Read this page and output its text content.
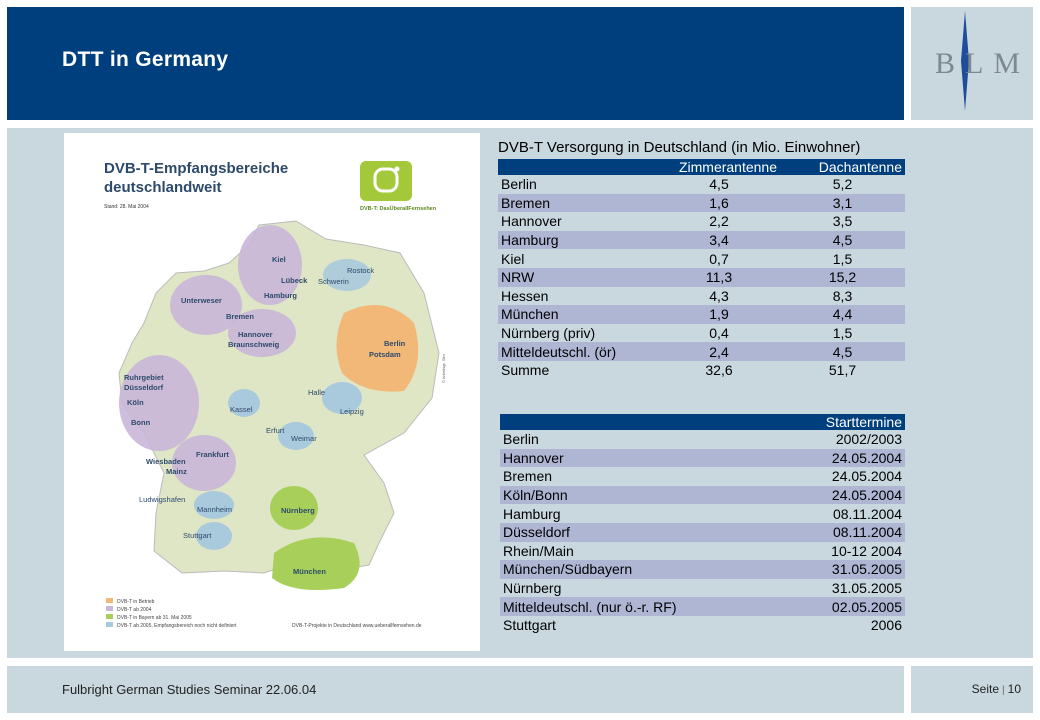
DTT in Germany	BLM
DVB-T-Empfangsbereiche
deutschlandweit
Stand: 28. Mai 2004	DVB-T: DasÜberallFernsehen
Kiel
Lübeck
Rostock
Schwerin
Hamburg
Unterweser
Bremen
Hannover
Braunschweig	Berlin
Potsdam
Ruhrgebiet
Düsseldorf
Köln
Bonn
Kassel
Halle
Leipzig
Erfurt
Weimar
Frankfurt
Wiesbaden
Mainz
Ludwigshafen
Mannheim	Nürnberg
Stuttgart
München
DVB-T in Betrieb
DVB-T ab 2004
DVB-T in Bayern ab 31. Mai 2005
DVB-T ab 2005, Empfangsbereich noch nicht definiert	DVB-T-Projekte in Deutschland www.ueberallfernsehen.de
© Arbeitsgr. Sim
DVB-T Versorgung in Deutschland (in Mio. Einwohner)
	Zimmerantenne	Dachantenne
Berlin	4,5	5,2
Bremen	1,6	3,1
Hannover	2,2	3,5
Hamburg	3,4	4,5
Kiel	0,7	1,5
NRW	11,3	15,2
Hessen	4,3	8,3
München	1,9	4,4
Nürnberg (priv)	0,4	1,5
Mitteldeutschl. (ör)	2,4	4,5
Summe	32,6	51,7
	Starttermine
Berlin	2002/2003
Hannover	24.05.2004
Bremen	24.05.2004
Köln/Bonn	24.05.2004
Hamburg	08.11.2004
Düsseldorf	08.11.2004
Rhein/Main	10-12 2004
München/Südbayern	31.05.2005
Nürnberg	31.05.2005
Mitteldeutschl. (nur ö.-r. RF)	02.05.2005
Stuttgart	2006
Fulbright German Studies Seminar 22.06.04	Seite | 10
